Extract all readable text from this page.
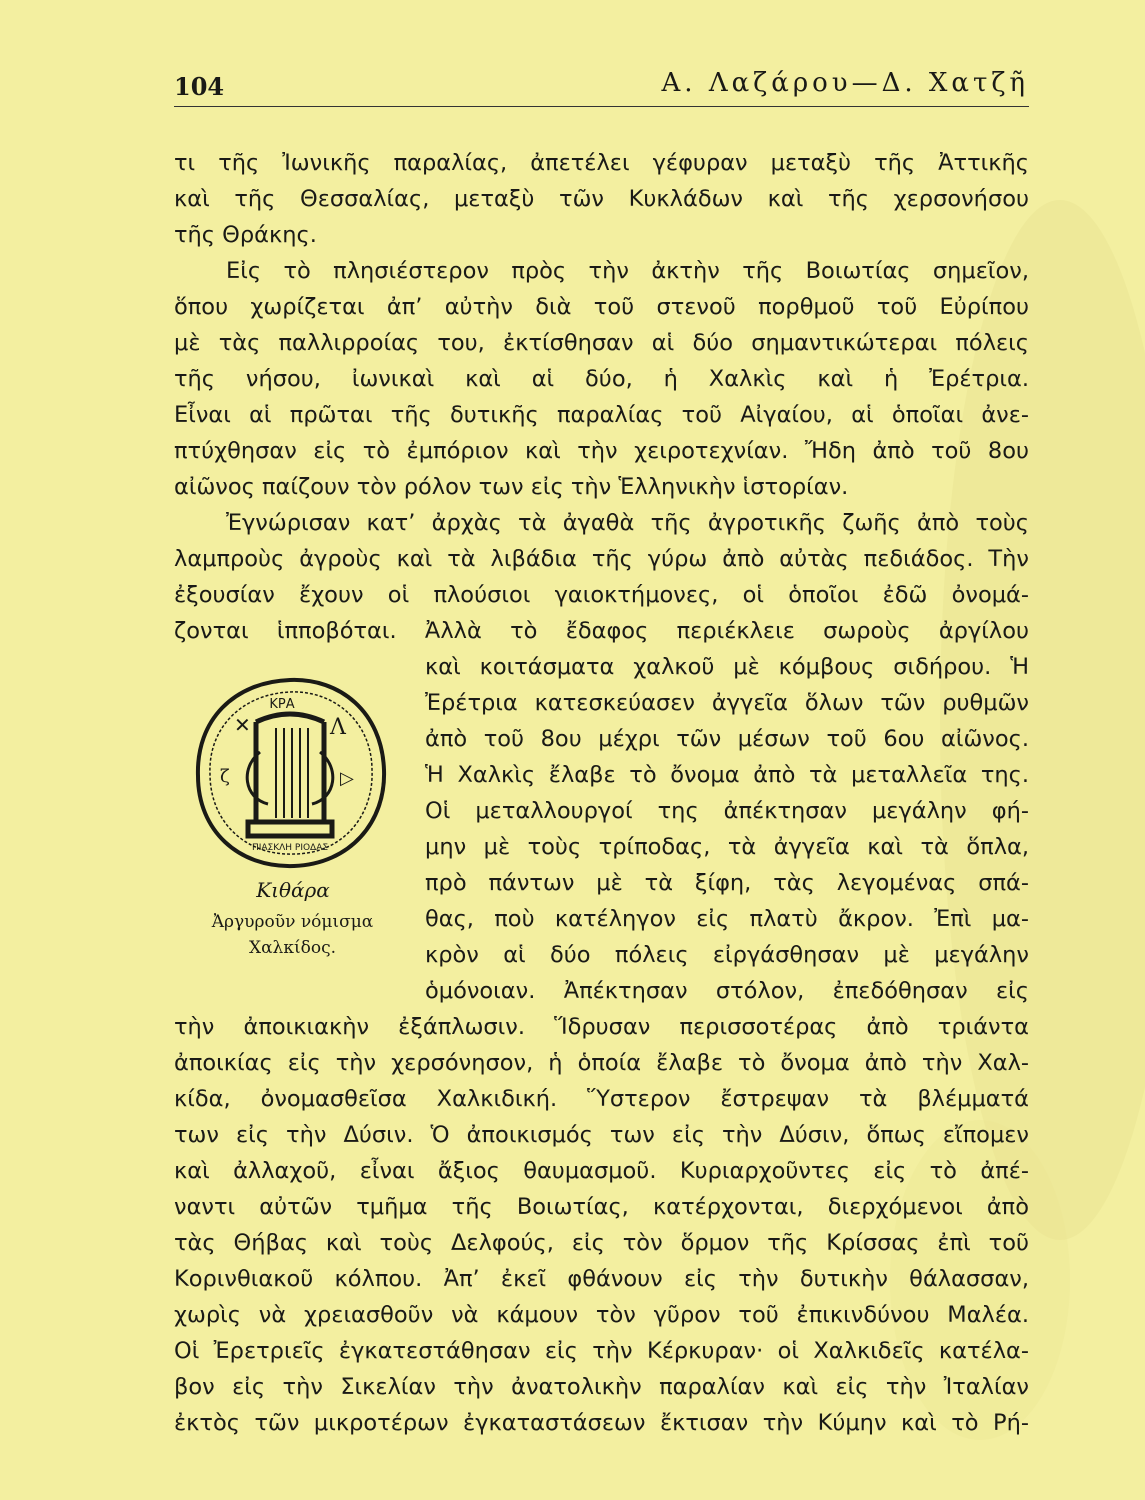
104	Α. Λαζάρου—Δ. Χατζῆ
τι τῆς Ἰωνικῆς παραλίας, ἀπετέλει γέφυραν μεταξὺ τῆς Ἀττικῆς
καὶ τῆς Θεσσαλίας, μεταξὺ τῶν Κυκλάδων καὶ τῆς χερσονήσου
τῆς Θράκης.
Εἰς τὸ πλησιέστερον πρὸς τὴν ἀκτὴν τῆς Βοιωτίας σημεῖον,
ὅπου χωρίζεται ἀπ’ αὐτὴν διὰ τοῦ στενοῦ πορθμοῦ τοῦ Εὐρίπου
μὲ τὰς παλλιρροίας του, ἐκτίσθησαν αἱ δύο σημαντικώτεραι πόλεις
τῆς νήσου, ἰωνικαὶ καὶ αἱ δύο, ἡ Χαλκὶς καὶ ἡ Ἐρέτρια.
Εἶναι αἱ πρῶται τῆς δυτικῆς παραλίας τοῦ Αἰγαίου, αἱ ὁποῖαι ἀνε-
πτύχθησαν εἰς τὸ ἐμπόριον καὶ τὴν χειροτεχνίαν. Ἤδη ἀπὸ τοῦ 8ου
αἰῶνος παίζουν τὸν ρόλον των εἰς τὴν Ἑλληνικὴν ἱστορίαν.
Ἐγνώρισαν κατ’ ἀρχὰς τὰ ἀγαθὰ τῆς ἀγροτικῆς ζωῆς ἀπὸ τοὺς
λαμπροὺς ἀγροὺς καὶ τὰ λιβάδια τῆς γύρω ἀπὸ αὐτὰς πεδιάδος. Τὴν
ἐξουσίαν ἔχουν οἱ πλούσιοι γαιοκτήμονες, οἱ ὁποῖοι ἐδῶ ὀνομά-
ζονται ἱπποβόται. Ἀλλὰ τὸ ἔδαφος περιέκλειε σωροὺς ἀργίλου
καὶ κοιτάσματα χαλκοῦ μὲ κόμβους σιδήρου. Ἡ
Ἐρέτρια κατεσκεύασεν ἀγγεῖα ὅλων τῶν ρυθμῶν
ἀπὸ τοῦ 8ου μέχρι τῶν μέσων τοῦ 6ου αἰῶνος.
Ἡ Χαλκὶς ἔλαβε τὸ ὄνομα ἀπὸ τὰ μεταλλεῖα της.
Οἱ μεταλλουργοί της ἀπέκτησαν μεγάλην φή-
μην μὲ τοὺς τρίποδας, τὰ ἀγγεῖα καὶ τὰ ὅπλα,
πρὸ πάντων μὲ τὰ ξίφη, τὰς λεγομένας σπά-
θας, ποὺ κατέληγον εἰς πλατὺ ἄκρον. Ἐπὶ μα-
κρὸν αἱ δύο πόλεις εἰργάσθησαν μὲ μεγάλην
ὁμόνοιαν. Ἀπέκτησαν στόλον, ἐπεδόθησαν εἰς
τὴν ἀποικιακὴν ἐξάπλωσιν. Ἵδρυσαν περισσοτέρας ἀπὸ τριάντα
ἀποικίας εἰς τὴν χερσόνησον, ἡ ὁποία ἔλαβε τὸ ὄνομα ἀπὸ τὴν Χαλ-
κίδα, ὀνομασθεῖσα Χαλκιδική. Ὕστερον ἔστρεψαν τὰ βλέμματά
των εἰς τὴν Δύσιν. Ὁ ἀποικισμός των εἰς τὴν Δύσιν, ὅπως εἴπομεν
καὶ ἀλλαχοῦ, εἶναι ἄξιος θαυμασμοῦ. Κυριαρχοῦντες εἰς τὸ ἀπέ-
ναντι αὐτῶν τμῆμα τῆς Βοιωτίας, κατέρχονται, διερχόμενοι ἀπὸ
τὰς Θήβας καὶ τοὺς Δελφούς, εἰς τὸν ὅρμον τῆς Κρίσσας ἐπὶ τοῦ
Κορινθιακοῦ κόλπου. Ἀπ’ ἐκεῖ φθάνουν εἰς τὴν δυτικὴν θάλασσαν,
χωρὶς νὰ χρειασθοῦν νὰ κάμουν τὸν γῦρον τοῦ ἐπικινδύνου Μαλέα.
Οἱ Ἐρετριεῖς ἐγκατεστάθησαν εἰς τὴν Κέρκυραν· οἱ Χαλκιδεῖς κατέλα-
βον εἰς τὴν Σικελίαν τὴν ἀνατολικὴν παραλίαν καὶ εἰς τὴν Ἰταλίαν
ἐκτὸς τῶν μικροτέρων ἐγκαταστάσεων ἔκτισαν τὴν Κύμην καὶ τὸ Ρή-
ΚΡΑ
✕	Λ
ζ	▷
ΠΙΑΣΚΛΗ ΡΙΟΔΑΣ
Κιθάρα
Ἀργυροῦν νόμισμα
Χαλκίδος.
